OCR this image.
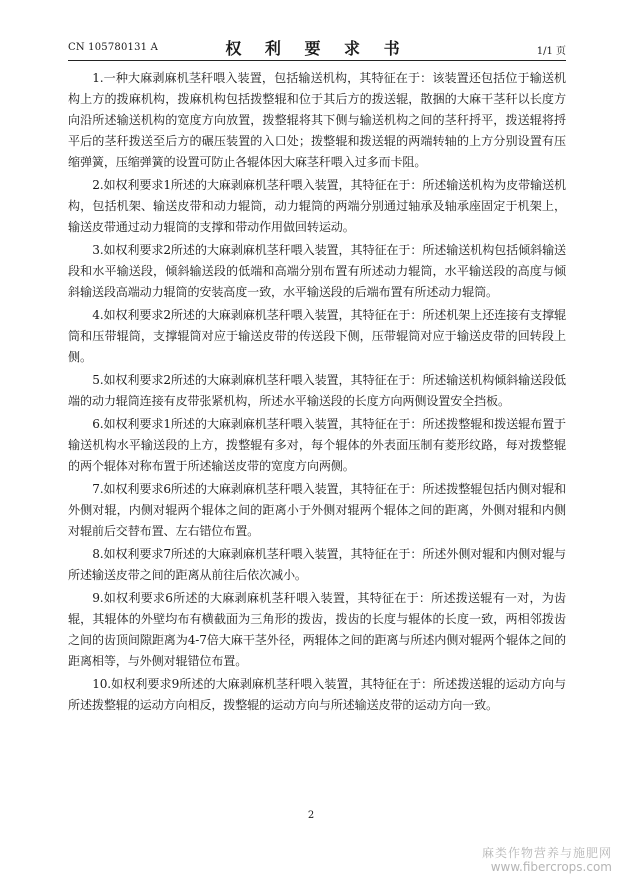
CN 105780131 A	权 利 要 求 书	1/1 页

1.一种大麻剥麻机茎秆喂入装置，包括输送机构，其特征在于：该装置还包括位于输送机构上方的拨麻机构，拨麻机构包括拨整辊和位于其后方的拨送辊，散捆的大麻干茎秆以长度方向沿所述输送机构的宽度方向放置，拨整辊将其下侧与输送机构之间的茎秆捋平，拨送辊将捋平后的茎秆拨送至后方的碾压装置的入口处；拨整辊和拨送辊的两端转轴的上方分别设置有压缩弹簧，压缩弹簧的设置可防止各辊体因大麻茎秆喂入过多而卡阻。

2.如权利要求1所述的大麻剥麻机茎秆喂入装置，其特征在于：所述输送机构为皮带输送机构，包括机架、输送皮带和动力辊筒，动力辊筒的两端分别通过轴承及轴承座固定于机架上，输送皮带通过动力辊筒的支撑和带动作用做回转运动。

3.如权利要求2所述的大麻剥麻机茎秆喂入装置，其特征在于：所述输送机构包括倾斜输送段和水平输送段，倾斜输送段的低端和高端分别布置有所述动力辊筒，水平输送段的高度与倾斜输送段高端动力辊筒的安装高度一致，水平输送段的后端布置有所述动力辊筒。

4.如权利要求2所述的大麻剥麻机茎秆喂入装置，其特征在于：所述机架上还连接有支撑辊筒和压带辊筒，支撑辊筒对应于输送皮带的传送段下侧，压带辊筒对应于输送皮带的回转段上侧。

5.如权利要求2所述的大麻剥麻机茎秆喂入装置，其特征在于：所述输送机构倾斜输送段低端的动力辊筒连接有皮带张紧机构，所述水平输送段的长度方向两侧设置安全挡板。

6.如权利要求1所述的大麻剥麻机茎秆喂入装置，其特征在于：所述拨整辊和拨送辊布置于输送机构水平输送段的上方，拨整辊有多对，每个辊体的外表面压制有菱形纹路，每对拨整辊的两个辊体对称布置于所述输送皮带的宽度方向两侧。

7.如权利要求6所述的大麻剥麻机茎秆喂入装置，其特征在于：所述拨整辊包括内侧对辊和外侧对辊，内侧对辊两个辊体之间的距离小于外侧对辊两个辊体之间的距离，外侧对辊和内侧对辊前后交替布置、左右错位布置。

8.如权利要求7所述的大麻剥麻机茎秆喂入装置，其特征在于：所述外侧对辊和内侧对辊与所述输送皮带之间的距离从前往后依次减小。

9.如权利要求6所述的大麻剥麻机茎秆喂入装置，其特征在于：所述拨送辊有一对，为齿辊，其辊体的外壁均布有横截面为三角形的拨齿，拨齿的长度与辊体的长度一致，两相邻拨齿之间的齿顶间隙距离为4-7倍大麻干茎外径，两辊体之间的距离与所述内侧对辊两个辊体之间的距离相等，与外侧对辊错位布置。

10.如权利要求9所述的大麻剥麻机茎秆喂入装置，其特征在于：所述拨送辊的运动方向与所述拨整辊的运动方向相反，拨整辊的运动方向与所述输送皮带的运动方向一致。

2
麻类作物营养与施肥网
www.fibercrops.com
